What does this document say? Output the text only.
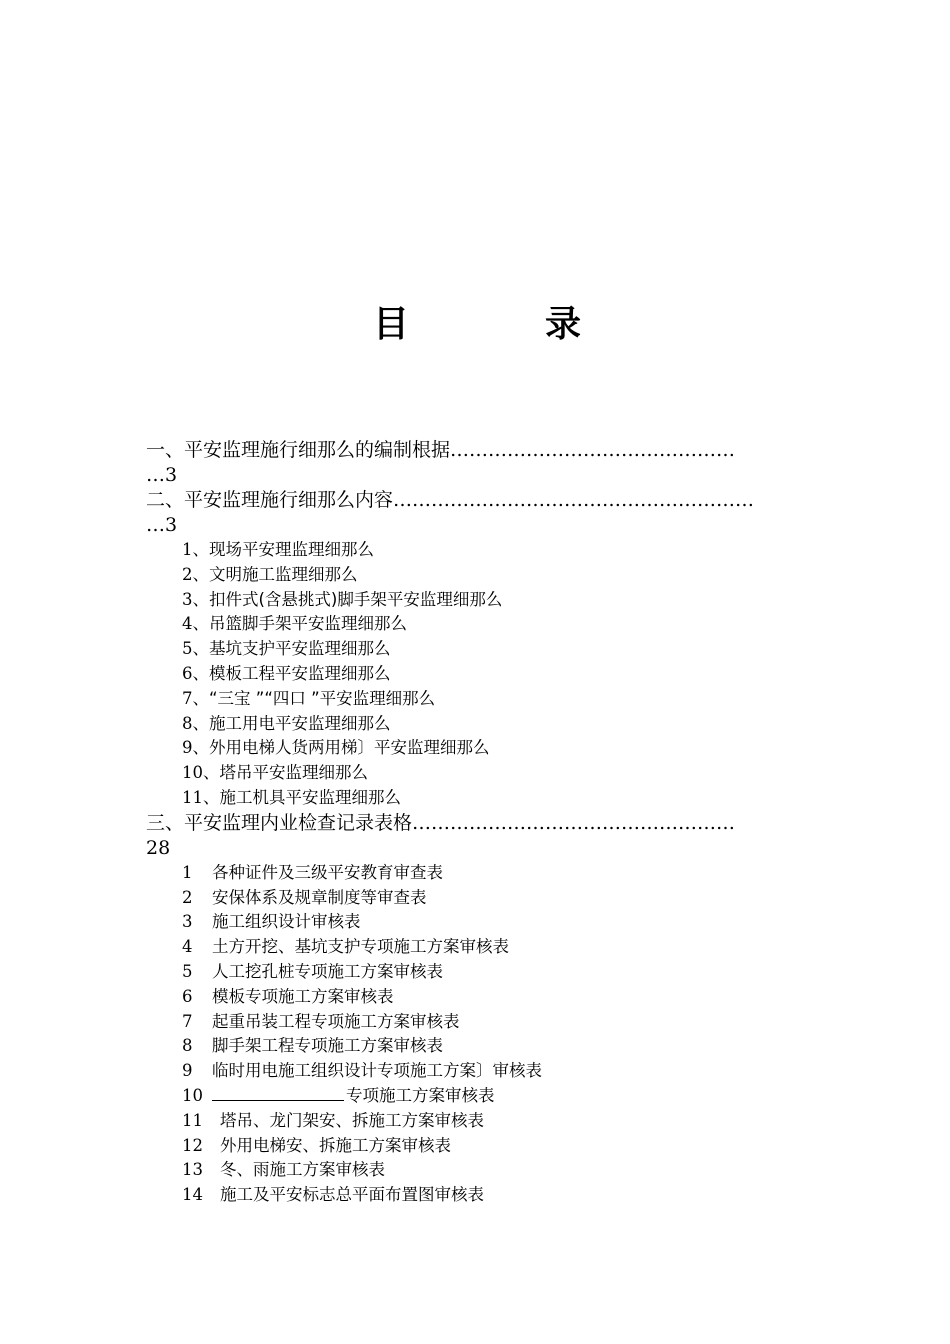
目	录
一、平安监理施行细那么的编制根据………………………………………
…3
二、平安监理施行细那么内容…………………………………………………
…3
1、现场平安理监理细那么
2、文明施工监理细那么
3、扣件式(含悬挑式)脚手架平安监理细那么
4、吊篮脚手架平安监理细那么
5、基坑支护平安监理细那么
6、模板工程平安监理细那么
7、“三宝 ”“四口 ”平安监理细那么
8、施工用电平安监理细那么
9、外用电梯人货两用梯〕平安监理细那么
10、塔吊平安监理细那么
11、施工机具平安监理细那么
三、平安监理内业检查记录表格……………………………………………
28
1 各种证件及三级平安教育审查表
2 安保体系及规章制度等审查表
3 施工组织设计审核表
4 土方开挖、基坑支护专项施工方案审核表
5 人工挖孔桩专项施工方案审核表
6 模板专项施工方案审核表
7 起重吊装工程专项施工方案审核表
8 脚手架工程专项施工方案审核表
9 临时用电施工组织设计专项施工方案〕审核表
10	专项施工方案审核表
11 塔吊、龙门架安、拆施工方案审核表
12 外用电梯安、拆施工方案审核表
13 冬、雨施工方案审核表
14 施工及平安标志总平面布置图审核表
